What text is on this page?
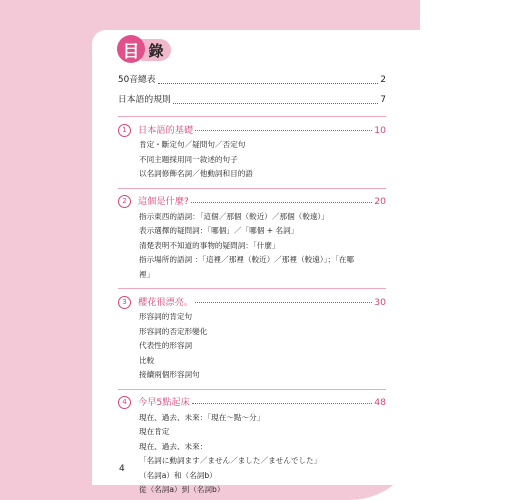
錄
目
50音總表	2
日本語的規則	7
1 日本語的基礎	10
肯定・斷定句／疑問句／否定句
不同主題採用同一敘述的句子
以名詞修飾名詞／他動詞和目的語
2 這個是什麼?	20
指示東西的語詞：「這個／那個（較近）／那個（較遠）」
表示選擇的疑問詞：「哪個」／「哪個 + 名詞」
清楚表明不知道的事物的疑問詞：「什麼」
指示場所的語詞 ：「這裡／那裡（較近）／那裡（較遠）」；「在哪
裡」
3 櫻花很漂亮。	30
形容詞的肯定句
形容詞的否定形變化
代表性的形容詞
比較
接續兩個形容詞句
4 今早5點起床	48
現在、過去、未來：「現在〜點〜分」
現在肯定
現在、過去、未來：
「名詞に動詞ます／ません／ました／ませんでした」
（名詞a）和（名詞b）
從（名詞a）到（名詞b）
4
